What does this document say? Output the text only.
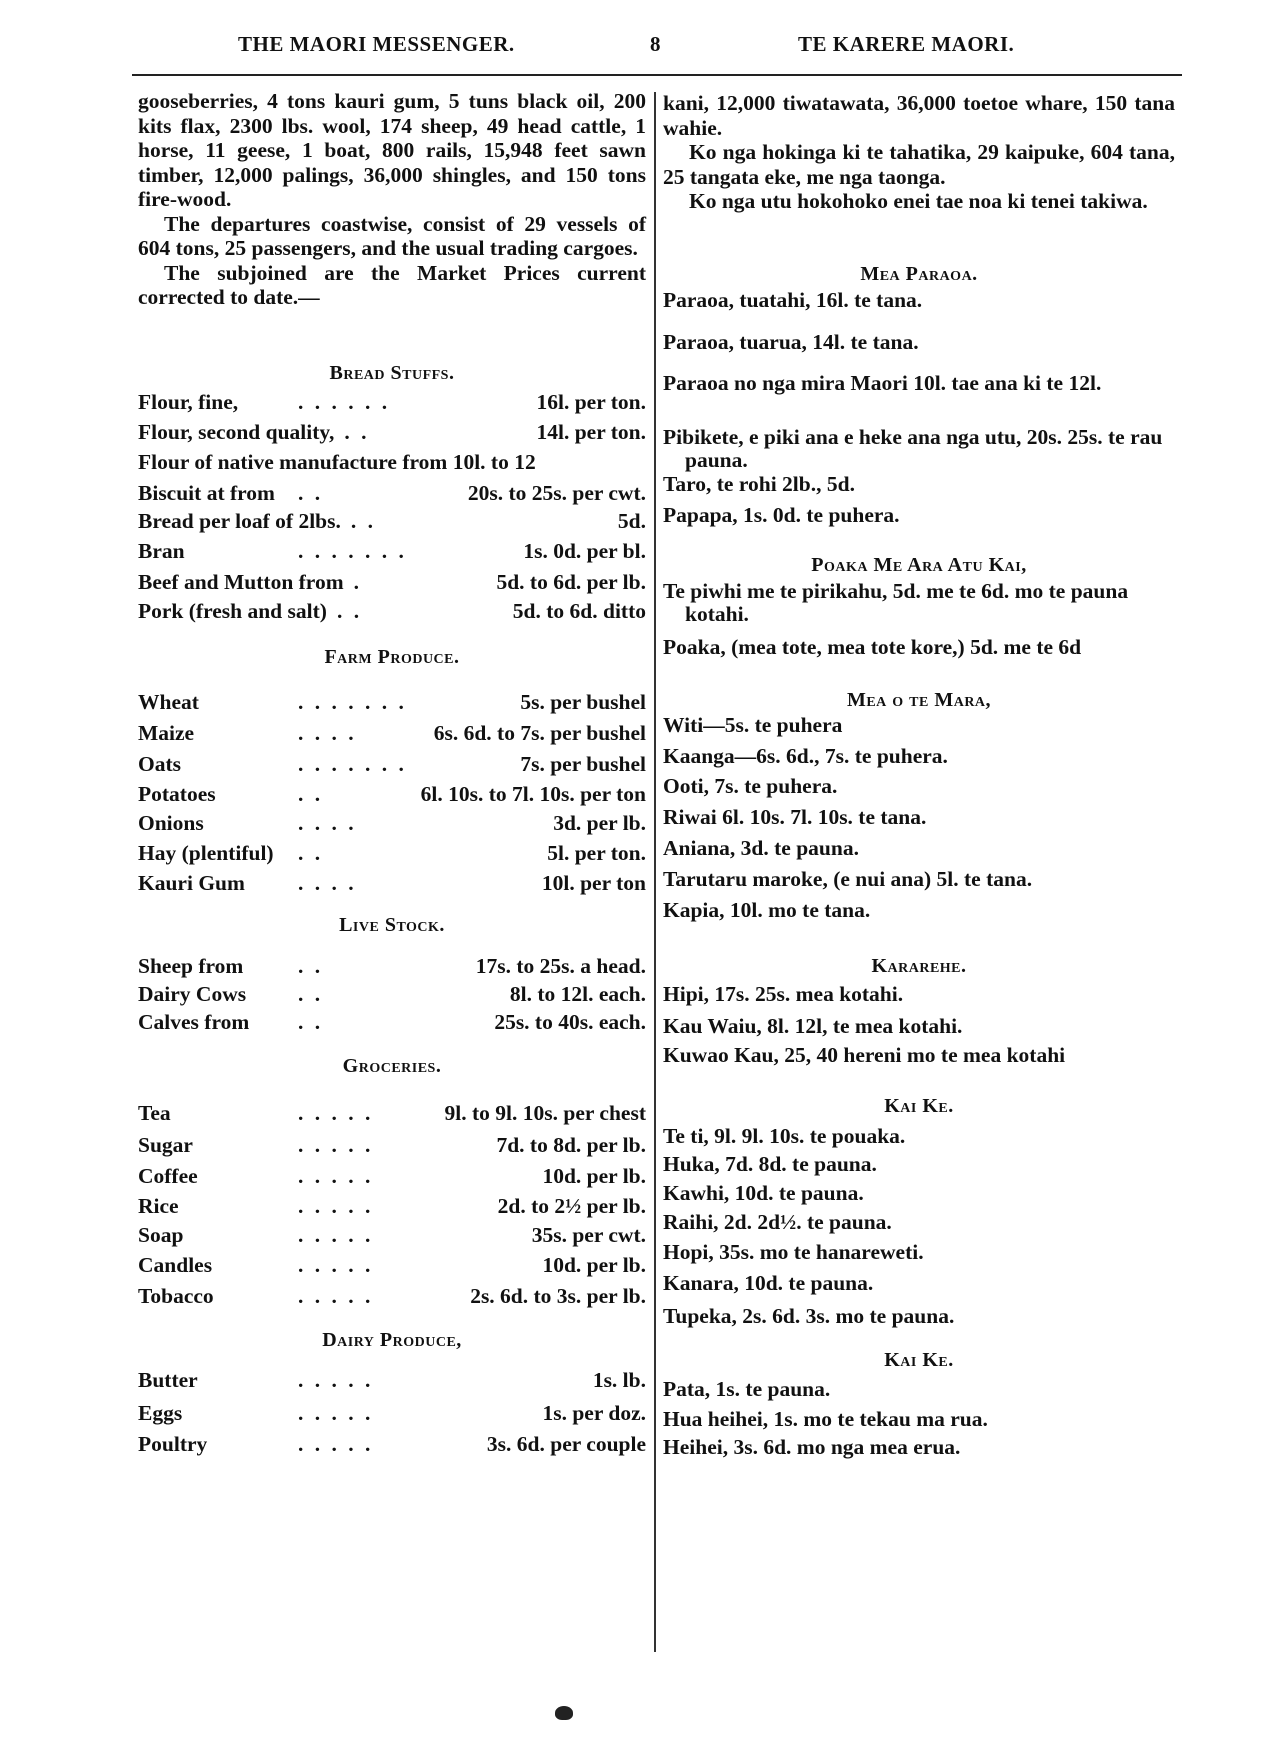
THE MAORI MESSENGER.	8	TE KARERE MAORI.

gooseberries, 4 tons kauri gum, 5 tuns black oil, 200 kits flax, 2300 lbs. wool, 174 sheep, 49 head cattle, 1 horse, 11 geese, 1 boat, 800 rails, 15,948 feet sawn timber, 12,000 palings, 36,000 shingles, and 150 tons fire-wood.

The departures coastwise, consist of 29 vessels of 604 tons, 25 passengers, and the usual trading cargoes.

The subjoined are the Market Prices current corrected to date.—

Bread Stuffs.
Flour, fine,	. . . . . .	16l. per ton.
Flour, second quality, . .	14l. per ton.
Flour of native manufacture from 10l. to 12
Biscuit at from	. .	20s. to 25s. per cwt.
Bread per loaf of 2lbs. . .	5d.
Bran	. . . . . . .	1s. 0d. per bl.
Beef and Mutton from .	5d. to 6d. per lb.
Pork (fresh and salt) . .	5d. to 6d. ditto
Farm Produce.
Wheat	. . . . . . .	5s. per bushel
Maize	. . . .	6s. 6d. to 7s. per bushel
Oats	. . . . . . .	7s. per bushel
Potatoes	. .	6l. 10s. to 7l. 10s. per ton
Onions	. . . .	3d. per lb.
Hay (plentiful)	. .	5l. per ton.
Kauri Gum	. . . .	10l. per ton
Live Stock.
Sheep from	. .	17s. to 25s. a head.
Dairy Cows	. .	8l. to 12l. each.
Calves from	. .	25s. to 40s. each.
Groceries.
Tea	. . . . .	9l. to 9l. 10s. per chest
Sugar	. . . . .	7d. to 8d. per lb.
Coffee	. . . . .	10d. per lb.
Rice	. . . . .	2d. to 2½ per lb.
Soap	. . . . .	35s. per cwt.
Candles	. . . . .	10d. per lb.
Tobacco	. . . . .	2s. 6d. to 3s. per lb.
Dairy Produce,
Butter	. . . . .	1s. lb.
Eggs	. . . . .	1s. per doz.
Poultry	. . . . .	3s. 6d. per couple

kani, 12,000 tiwatawata, 36,000 toetoe whare, 150 tana wahie.

Ko nga hokinga ki te tahatika, 29 kaipuke, 604 tana, 25 tangata eke, me nga taonga.

Ko nga utu hokohoko enei tae noa ki tenei takiwa.

Mea Paraoa.
Paraoa, tuatahi, 16l. te tana.
Paraoa, tuarua, 14l. te tana.
Paraoa no nga mira Maori 10l. tae ana ki te 12l.
Pibikete, e piki ana e heke ana nga utu, 20s. 25s. te rau pauna.
Taro, te rohi 2lb., 5d.
Papapa, 1s. 0d. te puhera.
Poaka Me Ara Atu Kai,
Te piwhi me te pirikahu, 5d. me te 6d. mo te pauna kotahi.
Poaka, (mea tote, mea tote kore,) 5d. me te 6d
Mea o te Mara,
Witi—5s. te puhera
Kaanga—6s. 6d., 7s. te puhera.
Ooti, 7s. te puhera.
Riwai 6l. 10s. 7l. 10s. te tana.
Aniana, 3d. te pauna.
Tarutaru maroke, (e nui ana) 5l. te tana.
Kapia, 10l. mo te tana.
Kararehe.
Hipi, 17s. 25s. mea kotahi.
Kau Waiu, 8l. 12l, te mea kotahi.
Kuwao Kau, 25, 40 hereni mo te mea kotahi
Kai Ke.
Te ti, 9l. 9l. 10s. te pouaka.
Huka, 7d. 8d. te pauna.
Kawhi, 10d. te pauna.
Raihi, 2d. 2d½. te pauna.
Hopi, 35s. mo te hanareweti.
Kanara, 10d. te pauna.
Tupeka, 2s. 6d. 3s. mo te pauna.
Kai Ke.
Pata, 1s. te pauna.
Hua heihei, 1s. mo te tekau ma rua.
Heihei, 3s. 6d. mo nga mea erua.
